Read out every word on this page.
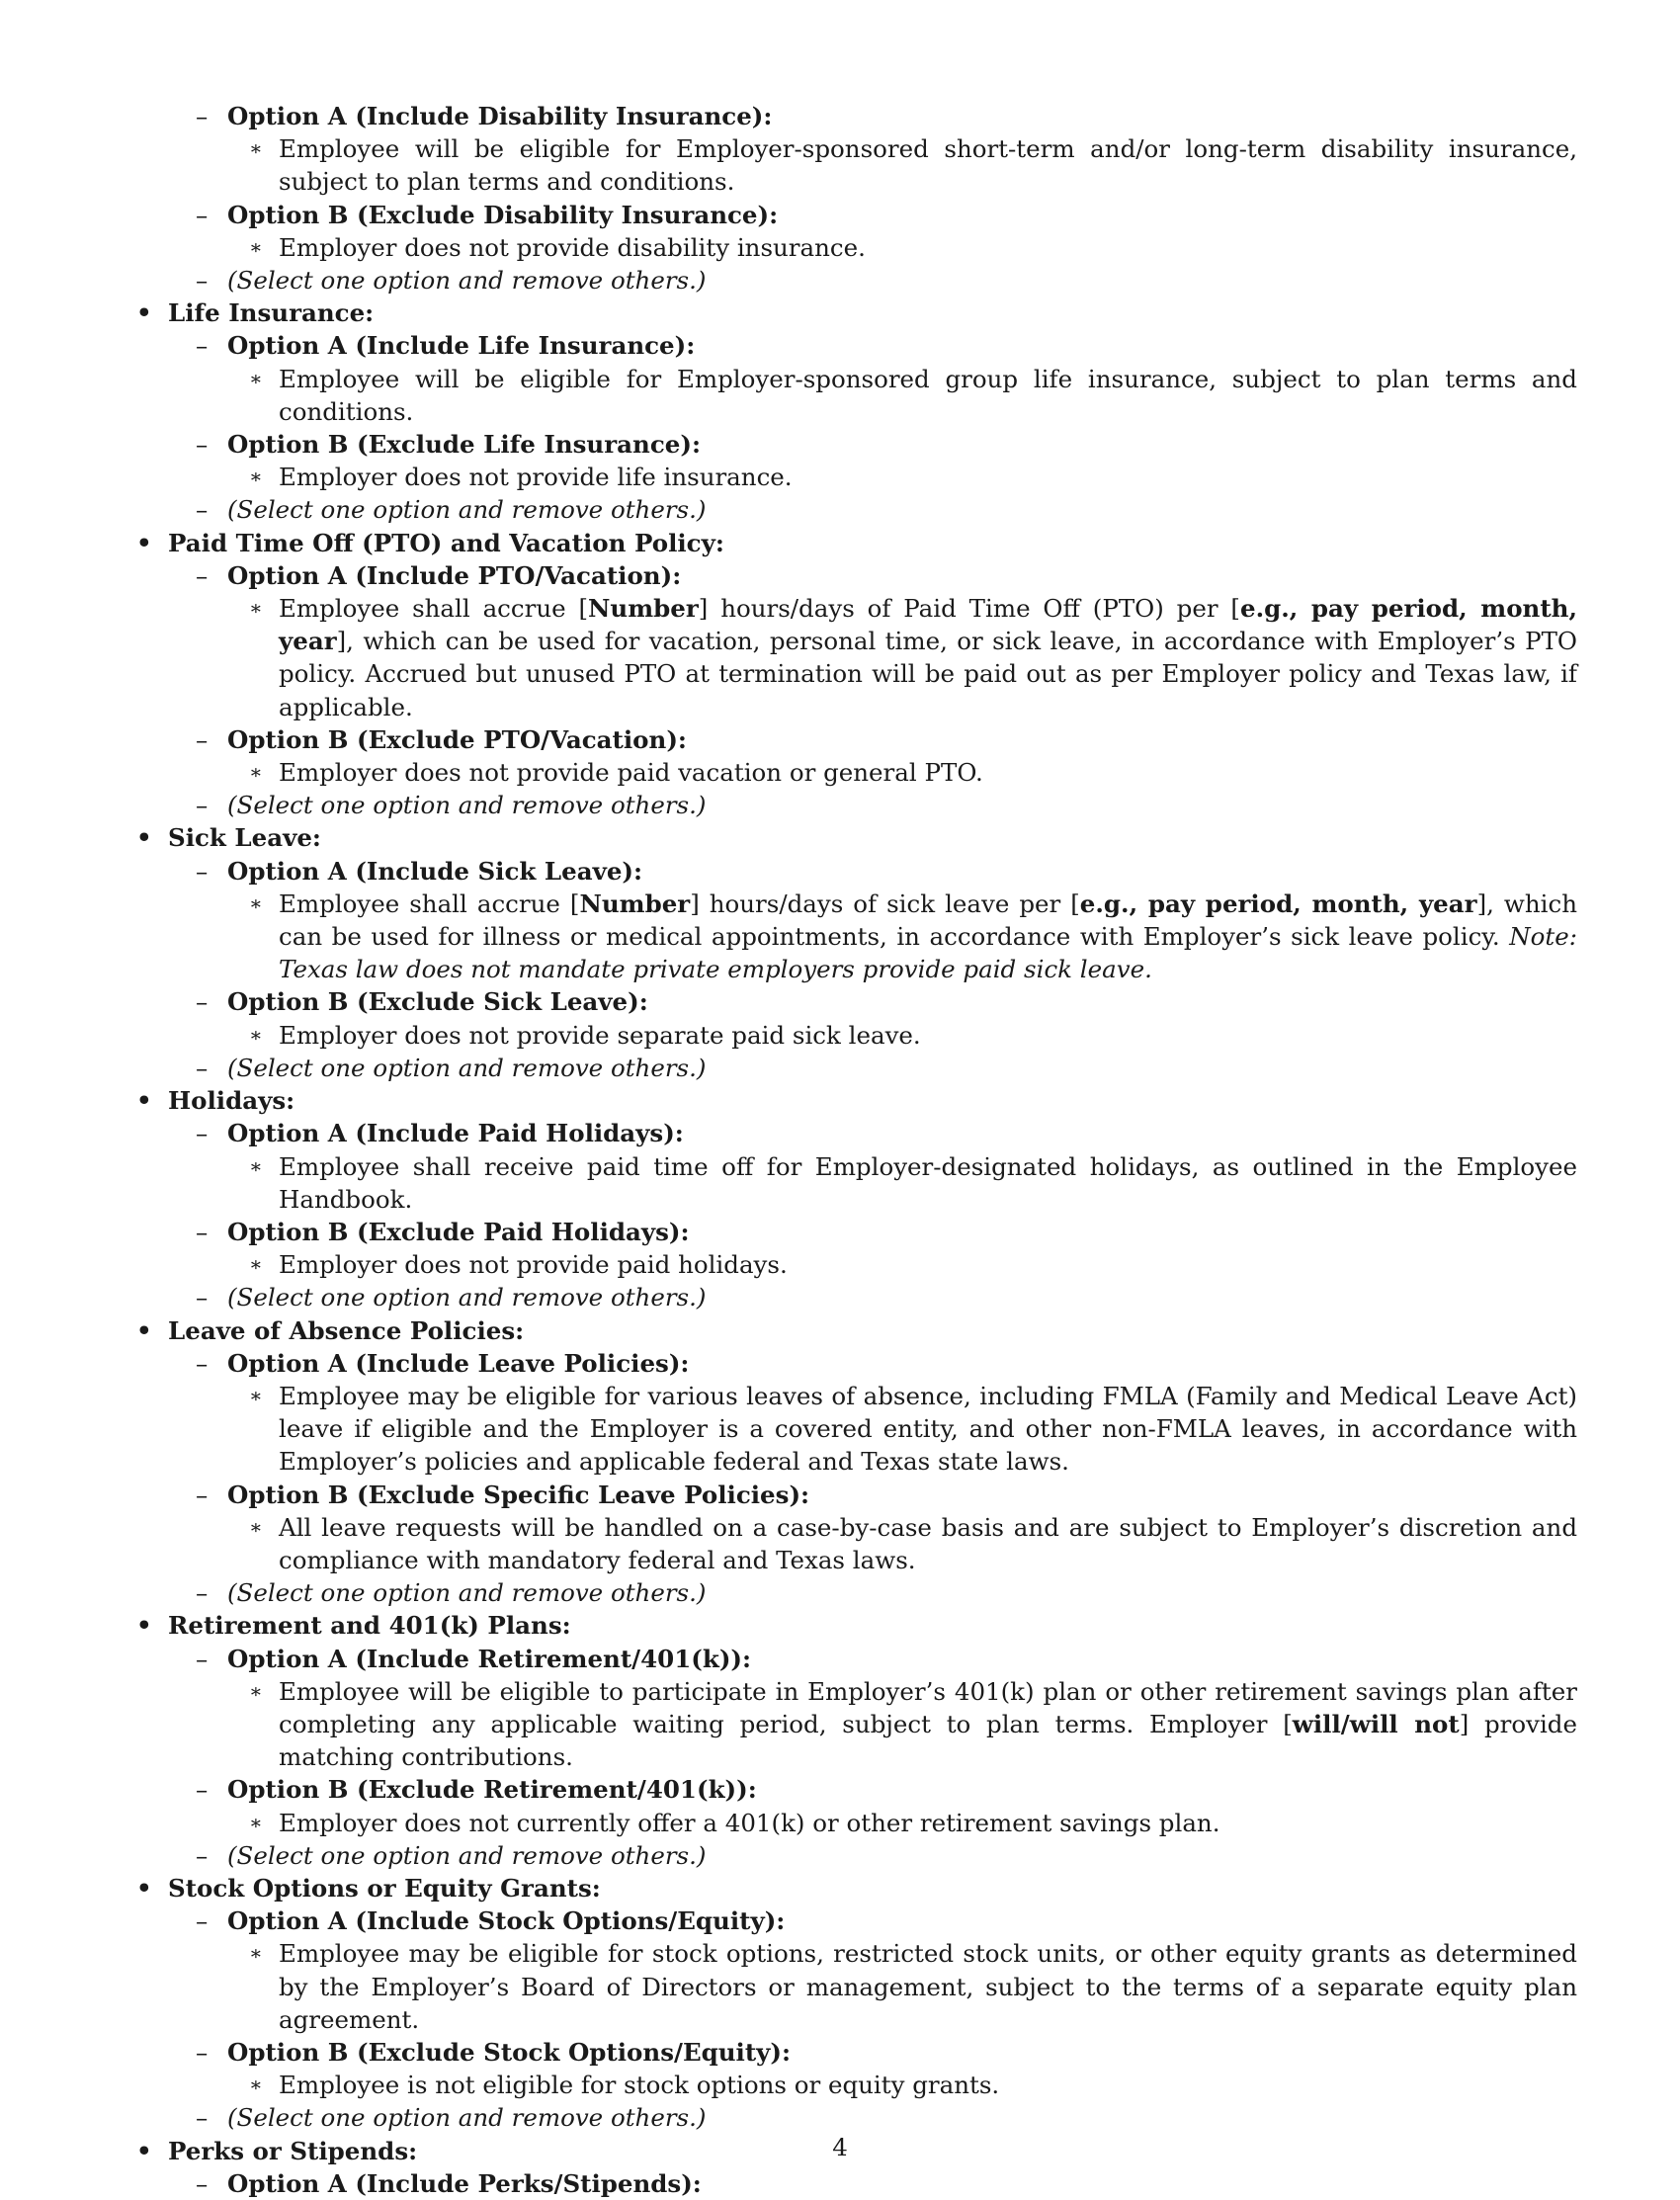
– Option A (Include Disability Insurance):
∗ Employee will be eligible for Employer-sponsored short-term and/or long-term disability insurance, subject to plan terms and conditions.
– Option B (Exclude Disability Insurance):
∗ Employer does not provide disability insurance.
– (Select one option and remove others.)
• Life Insurance:
– Option A (Include Life Insurance):
∗ Employee will be eligible for Employer-sponsored group life insurance, subject to plan terms and conditions.
– Option B (Exclude Life Insurance):
∗ Employer does not provide life insurance.
– (Select one option and remove others.)
• Paid Time Off (PTO) and Vacation Policy:
– Option A (Include PTO/Vacation):
∗ Employee shall accrue [Number] hours/days of Paid Time Off (PTO) per [e.g., pay period, month, year], which can be used for vacation, personal time, or sick leave, in accordance with Employer’s PTO policy. Accrued but unused PTO at termination will be paid out as per Employer policy and Texas law, if applicable.
– Option B (Exclude PTO/Vacation):
∗ Employer does not provide paid vacation or general PTO.
– (Select one option and remove others.)
• Sick Leave:
– Option A (Include Sick Leave):
∗ Employee shall accrue [Number] hours/days of sick leave per [e.g., pay period, month, year], which can be used for illness or medical appointments, in accordance with Employer’s sick leave policy. Note: Texas law does not mandate private employers provide paid sick leave.
– Option B (Exclude Sick Leave):
∗ Employer does not provide separate paid sick leave.
– (Select one option and remove others.)
• Holidays:
– Option A (Include Paid Holidays):
∗ Employee shall receive paid time off for Employer-designated holidays, as outlined in the Employee Handbook.
– Option B (Exclude Paid Holidays):
∗ Employer does not provide paid holidays.
– (Select one option and remove others.)
• Leave of Absence Policies:
– Option A (Include Leave Policies):
∗ Employee may be eligible for various leaves of absence, including FMLA (Family and Medical Leave Act) leave if eligible and the Employer is a covered entity, and other non-FMLA leaves, in accordance with Employer’s policies and applicable federal and Texas state laws.
– Option B (Exclude Specific Leave Policies):
∗ All leave requests will be handled on a case-by-case basis and are subject to Employer’s discretion and compliance with mandatory federal and Texas laws.
– (Select one option and remove others.)
• Retirement and 401(k) Plans:
– Option A (Include Retirement/401(k)):
∗ Employee will be eligible to participate in Employer’s 401(k) plan or other retirement savings plan after completing any applicable waiting period, subject to plan terms. Employer [will/will not] provide matching contributions.
– Option B (Exclude Retirement/401(k)):
∗ Employer does not currently offer a 401(k) or other retirement savings plan.
– (Select one option and remove others.)
• Stock Options or Equity Grants:
– Option A (Include Stock Options/Equity):
∗ Employee may be eligible for stock options, restricted stock units, or other equity grants as determined by the Employer’s Board of Directors or management, subject to the terms of a separate equity plan agreement.
– Option B (Exclude Stock Options/Equity):
∗ Employee is not eligible for stock options or equity grants.
– (Select one option and remove others.)
• Perks or Stipends:
– Option A (Include Perks/Stipends):
4
